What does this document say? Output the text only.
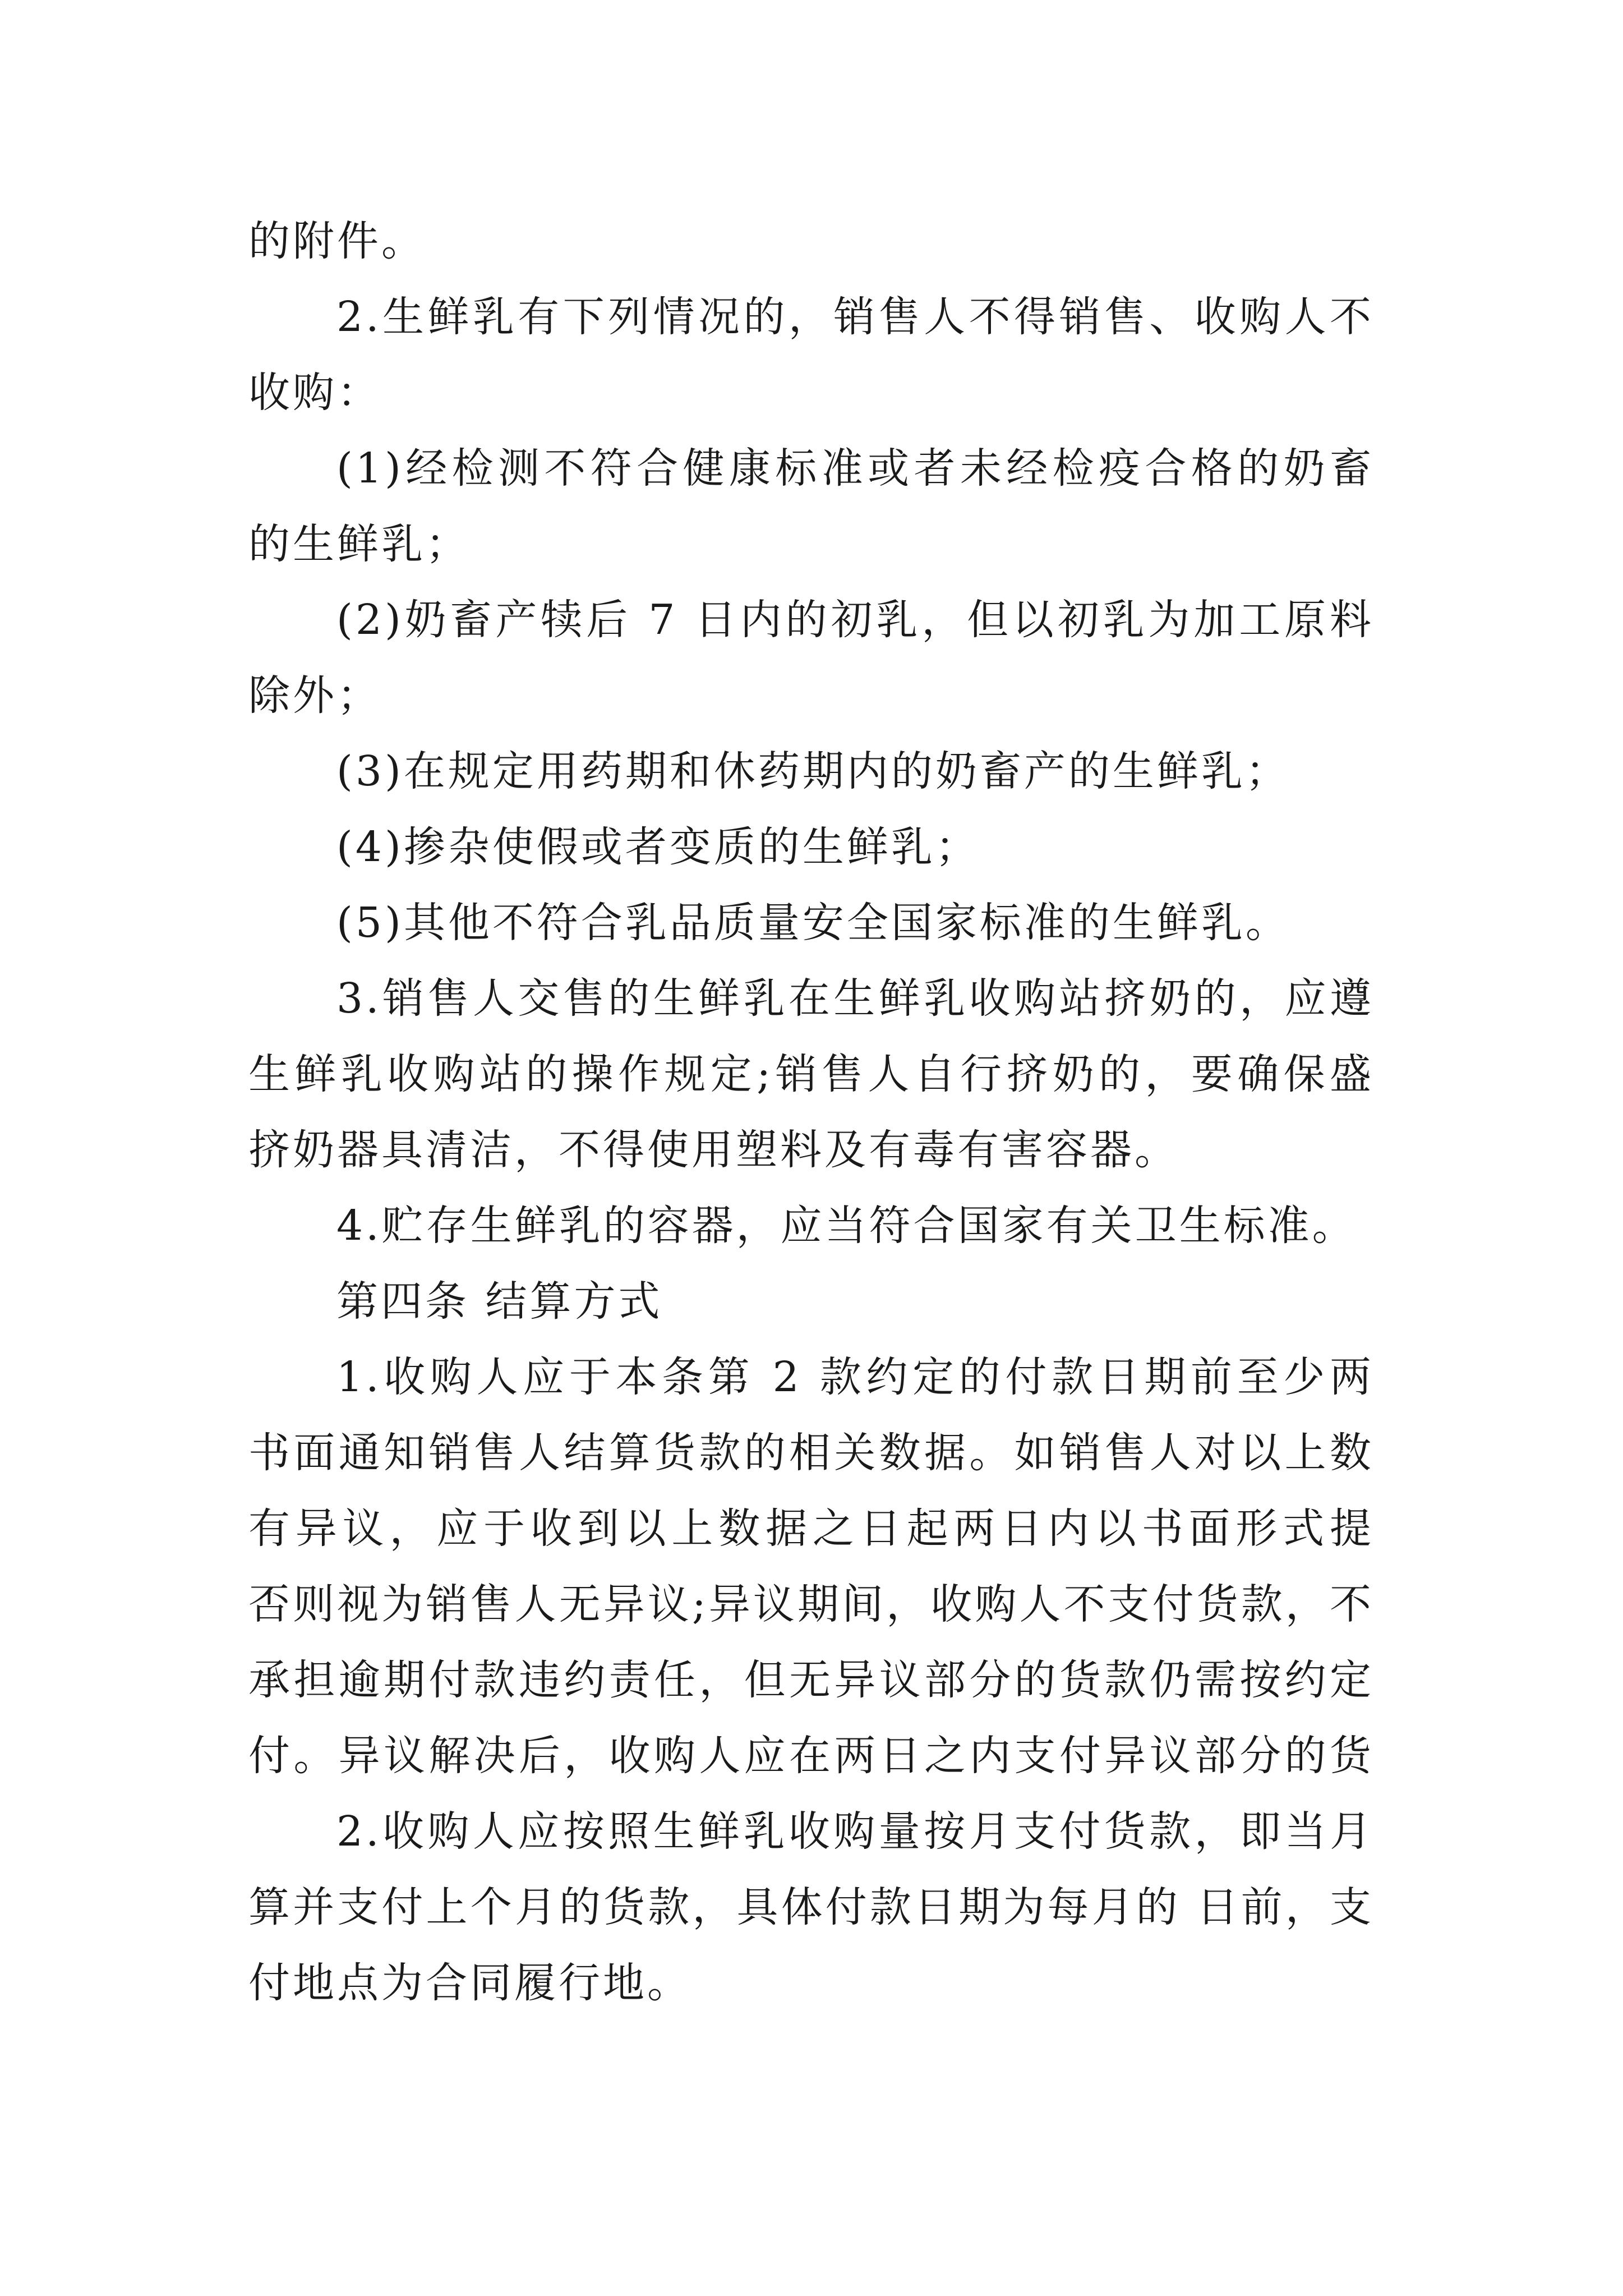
的附件。
2.生鲜乳有下列情况的，销售人不得销售、收购人不
收购：
(1)经检测不符合健康标准或者未经检疫合格的奶畜
的生鲜乳；
(2)奶畜产犊后 7 日内的初乳，但以初乳为加工原料
除外；
(3)在规定用药期和休药期内的奶畜产的生鲜乳；
(4)掺杂使假或者变质的生鲜乳；
(5)其他不符合乳品质量安全国家标准的生鲜乳。
3.销售人交售的生鲜乳在生鲜乳收购站挤奶的，应遵
生鲜乳收购站的操作规定;销售人自行挤奶的，要确保盛
挤奶器具清洁，不得使用塑料及有毒有害容器。
4.贮存生鲜乳的容器，应当符合国家有关卫生标准。
第四条 结算方式
1.收购人应于本条第 2 款约定的付款日期前至少两
书面通知销售人结算货款的相关数据。如销售人对以上数
有异议，应于收到以上数据之日起两日内以书面形式提
否则视为销售人无异议;异议期间，收购人不支付货款，不
承担逾期付款违约责任，但无异议部分的货款仍需按约定
付。异议解决后，收购人应在两日之内支付异议部分的货
2.收购人应按照生鲜乳收购量按月支付货款，即当月
算并支付上个月的货款，具体付款日期为每月的 日前，支
付地点为合同履行地。
